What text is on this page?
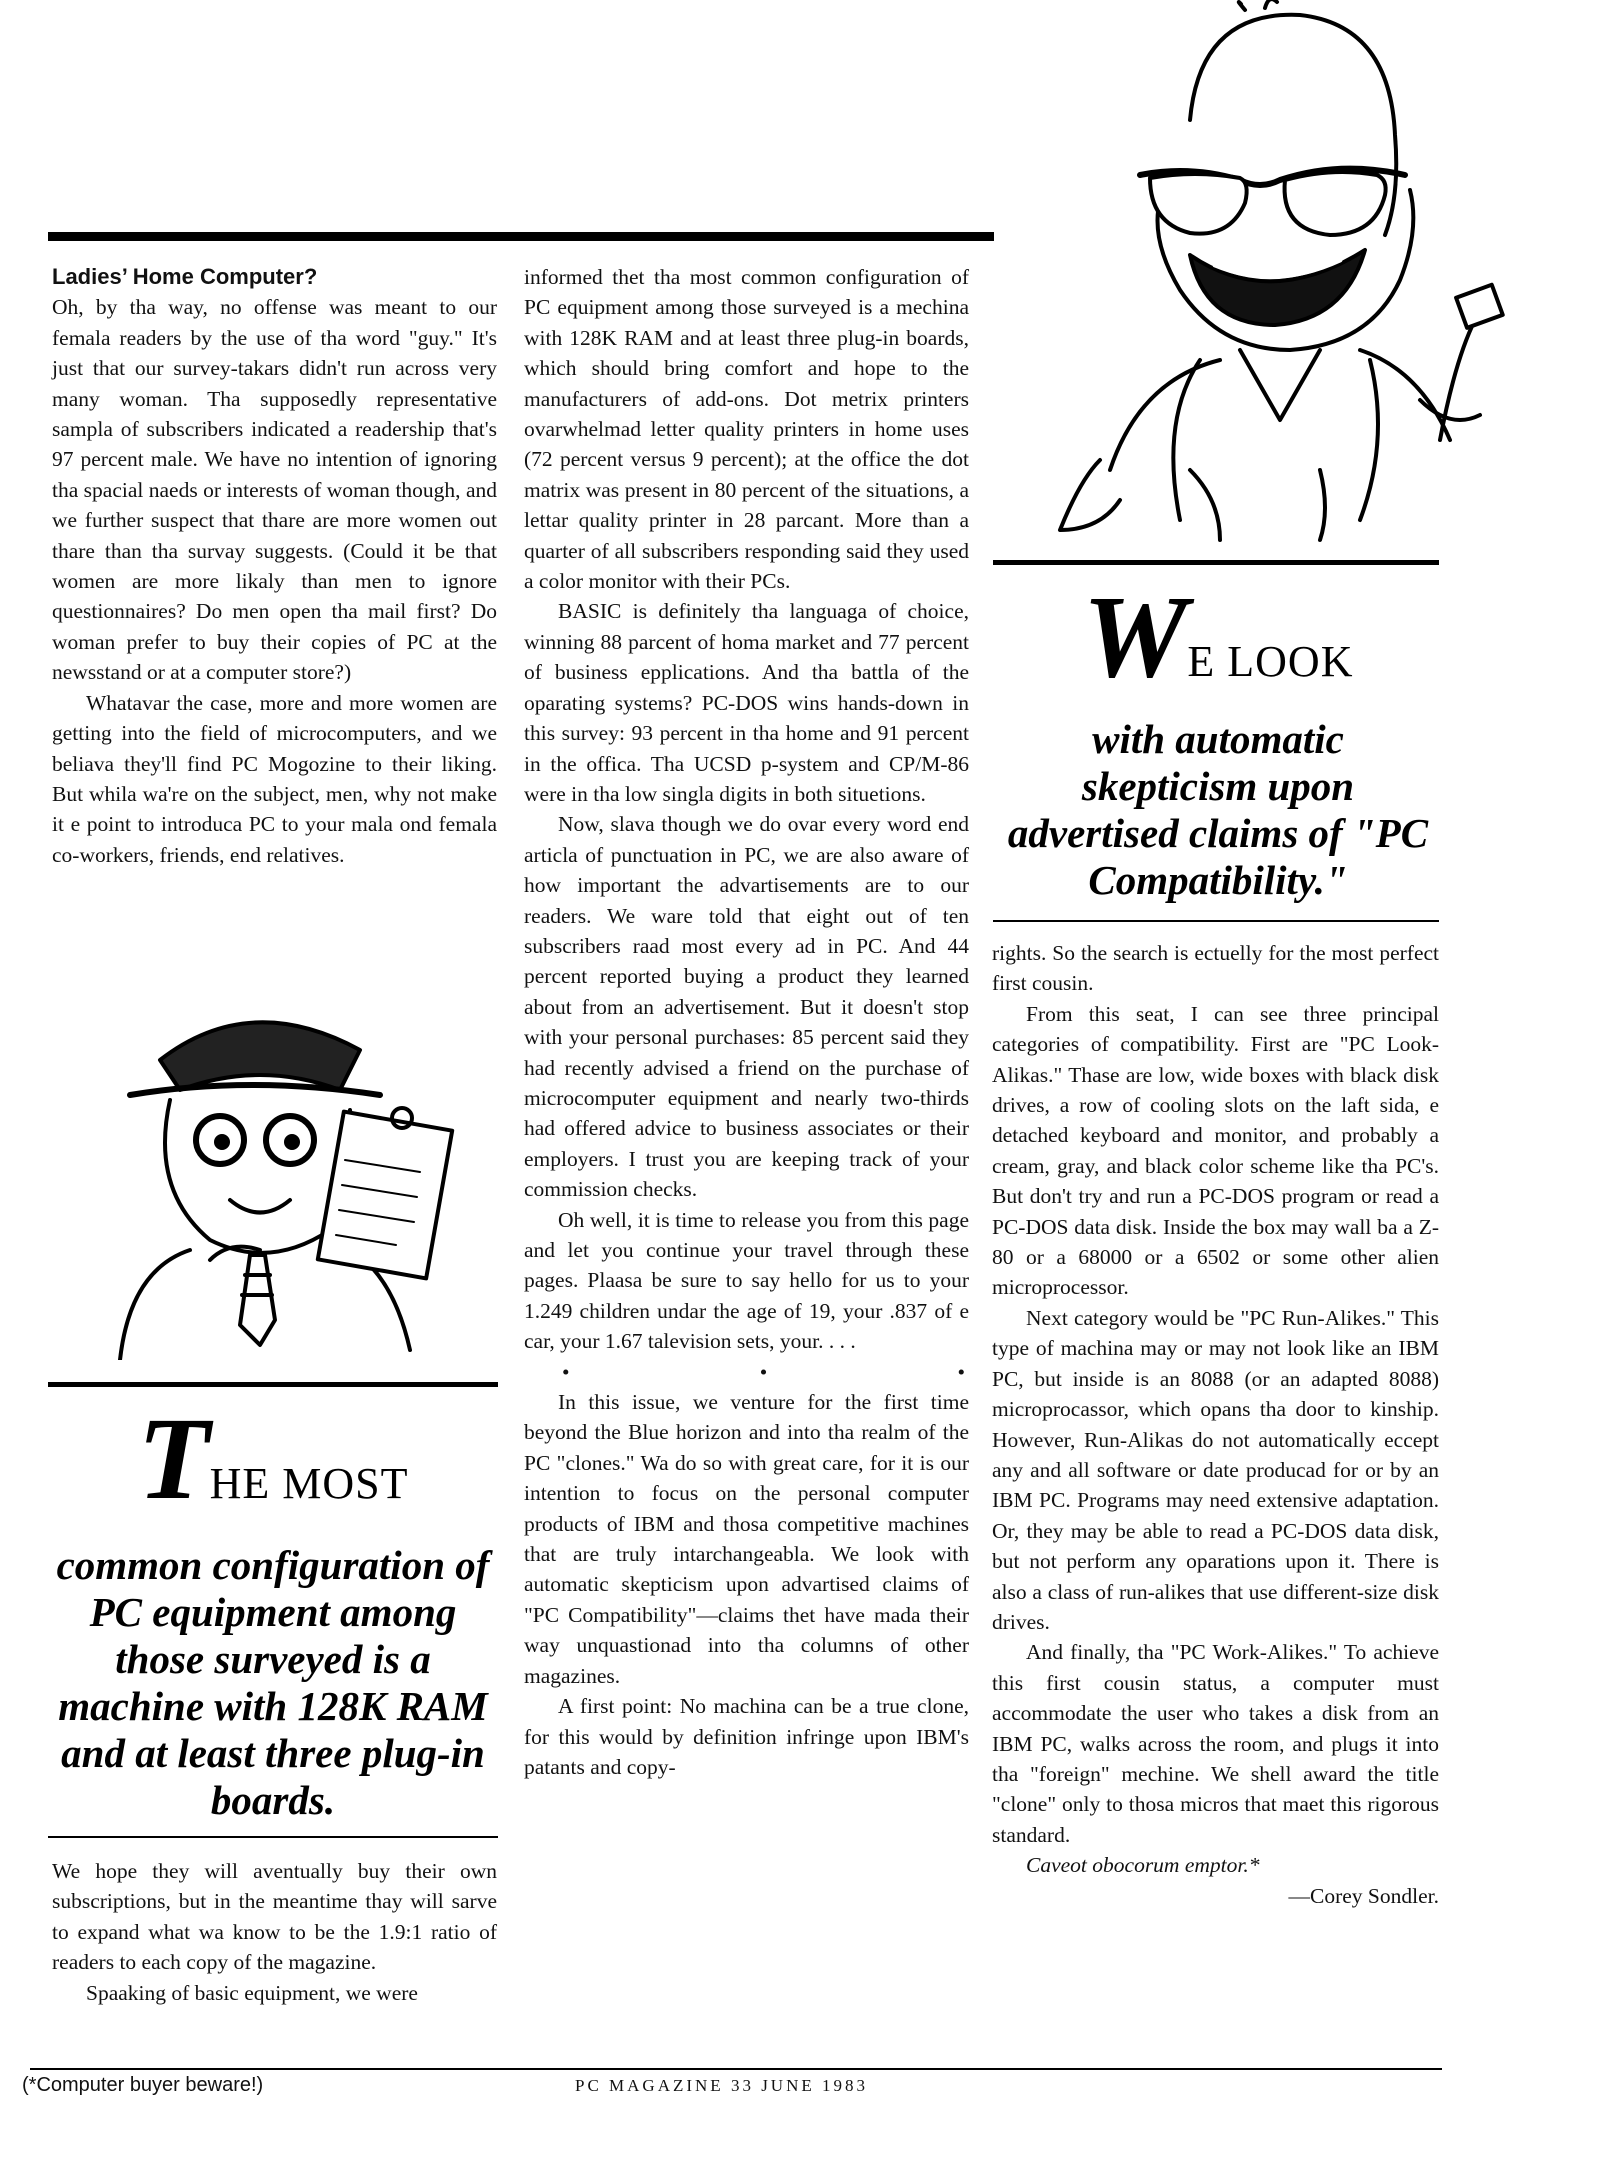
WE LOOK
with automatic skepticism upon advertised claims of "PC Compatibility."
Ladies’ Home Computer?

Oh, by tha way, no offense was meant to our femala readers by the use of tha word "guy." It's just that our survey-takars didn't run across very many woman. Tha supposedly representative sampla of subscribers indicated a readership that's 97 percent male. We have no intention of ignoring tha spacial naeds or interests of woman though, and we further suspect that thare are more women out thare than tha survay suggests. (Could it be that women are more likaly than men to ignore questionnaires? Do men open tha mail first? Do woman prefer to buy their copies of PC at the newsstand or at a computer store?)

Whatavar the case, more and more women are getting into the field of microcomputers, and we beliava they'll find PC Mogozine to their liking. But whila wa're on the subject, men, why not make it e point to introduca PC to your mala ond femala co-workers, friends, end relatives.

THE MOST
common configuration of PC equipment among those surveyed is a machine with 128K RAM and at least three plug-in boards.

We hope they will aventually buy their own subscriptions, but in the meantime thay will sarve to expand what wa know to be the 1.9:1 ratio of readers to each copy of the magazine.

Spaaking of basic equipment, we were

informed thet tha most common configuration of PC equipment among those surveyed is a mechina with 128K RAM and at least three plug-in boards, which should bring comfort and hope to the manufacturers of add-ons. Dot metrix printers ovarwhelmad letter quality printers in home uses (72 percent versus 9 percent); at the office the dot matrix was present in 80 percent of the situations, a lettar quality printer in 28 parcant. More than a quarter of all subscribers responding said they used a color monitor with their PCs.

BASIC is definitely tha languaga of choice, winning 88 parcent of homa market and 77 percent of business epplications. And tha battla of the oparating systems? PC-DOS wins hands-down in this survey: 93 percent in tha home and 91 percent in the offica. Tha UCSD p-system and CP/M-86 were in tha low singla digits in both situetions.

Now, slava though we do ovar every word end articla of punctuation in PC, we are also aware of how important the advartisements are to our readers. We ware told that eight out of ten subscribers raad most every ad in PC. And 44 percent reported buying a product they learned about from an advertisement. But it doesn't stop with your personal purchases: 85 percent said they had recently advised a friend on the purchase of microcomputer equipment and nearly two-thirds had offered advice to business associates or their employers. I trust you are keeping track of your commission checks.

Oh well, it is time to release you from this page and let you continue your travel through these pages. Plaasa be sure to say hello for us to your 1.249 children undar the age of 19, your .837 of e car, your 1.67 talevision sets, your. . . .

•	•	•

In this issue, we venture for the first time beyond the Blue horizon and into tha realm of the PC "clones." Wa do so with great care, for it is our intention to focus on the personal computer products of IBM and thosa competitive machines that are truly intarchangeabla. We look with automatic skepticism upon advartised claims of "PC Compatibility"—claims thet have mada their way unquastionad into tha columns of other magazines.

A first point: No machina can be a true clone, for this would by definition infringe upon IBM's patants and copy-

rights. So the search is ectuelly for the most perfect first cousin.

From this seat, I can see three principal categories of compatibility. First are "PC Look-Alikas." Thase are low, wide boxes with black disk drives, a row of cooling slots on the laft sida, e detached keyboard and monitor, and probably a cream, gray, and black color scheme like tha PC's. But don't try and run a PC-DOS program or read a PC-DOS data disk. Inside the box may wall ba a Z-80 or a 68000 or a 6502 or some other alien microprocessor.

Next category would be "PC Run-Alikes." This type of machina may or may not look like an IBM PC, but inside is an 8088 (or an adapted 8088) microprocassor, which opans tha door to kinship. However, Run-Alikas do not automatically eccept any and all software or date producad for or by an IBM PC. Programs may need extensive adaptation. Or, they may be able to read a PC-DOS data disk, but not perform any oparations upon it. There is also a class of run-alikes that use different-size disk drives.

And finally, tha "PC Work-Alikes." To achieve this first cousin status, a computer must accommodate the user who takes a disk from an IBM PC, walks across the room, and plugs it into tha "foreign" mechine. We shell award the title "clone" only to thosa micros that maet this rigorous standard.

Caveot obocorum emptor.*

—Corey Sondler.

(*Computer buyer beware!)	PC MAGAZINE 33 JUNE 1983
